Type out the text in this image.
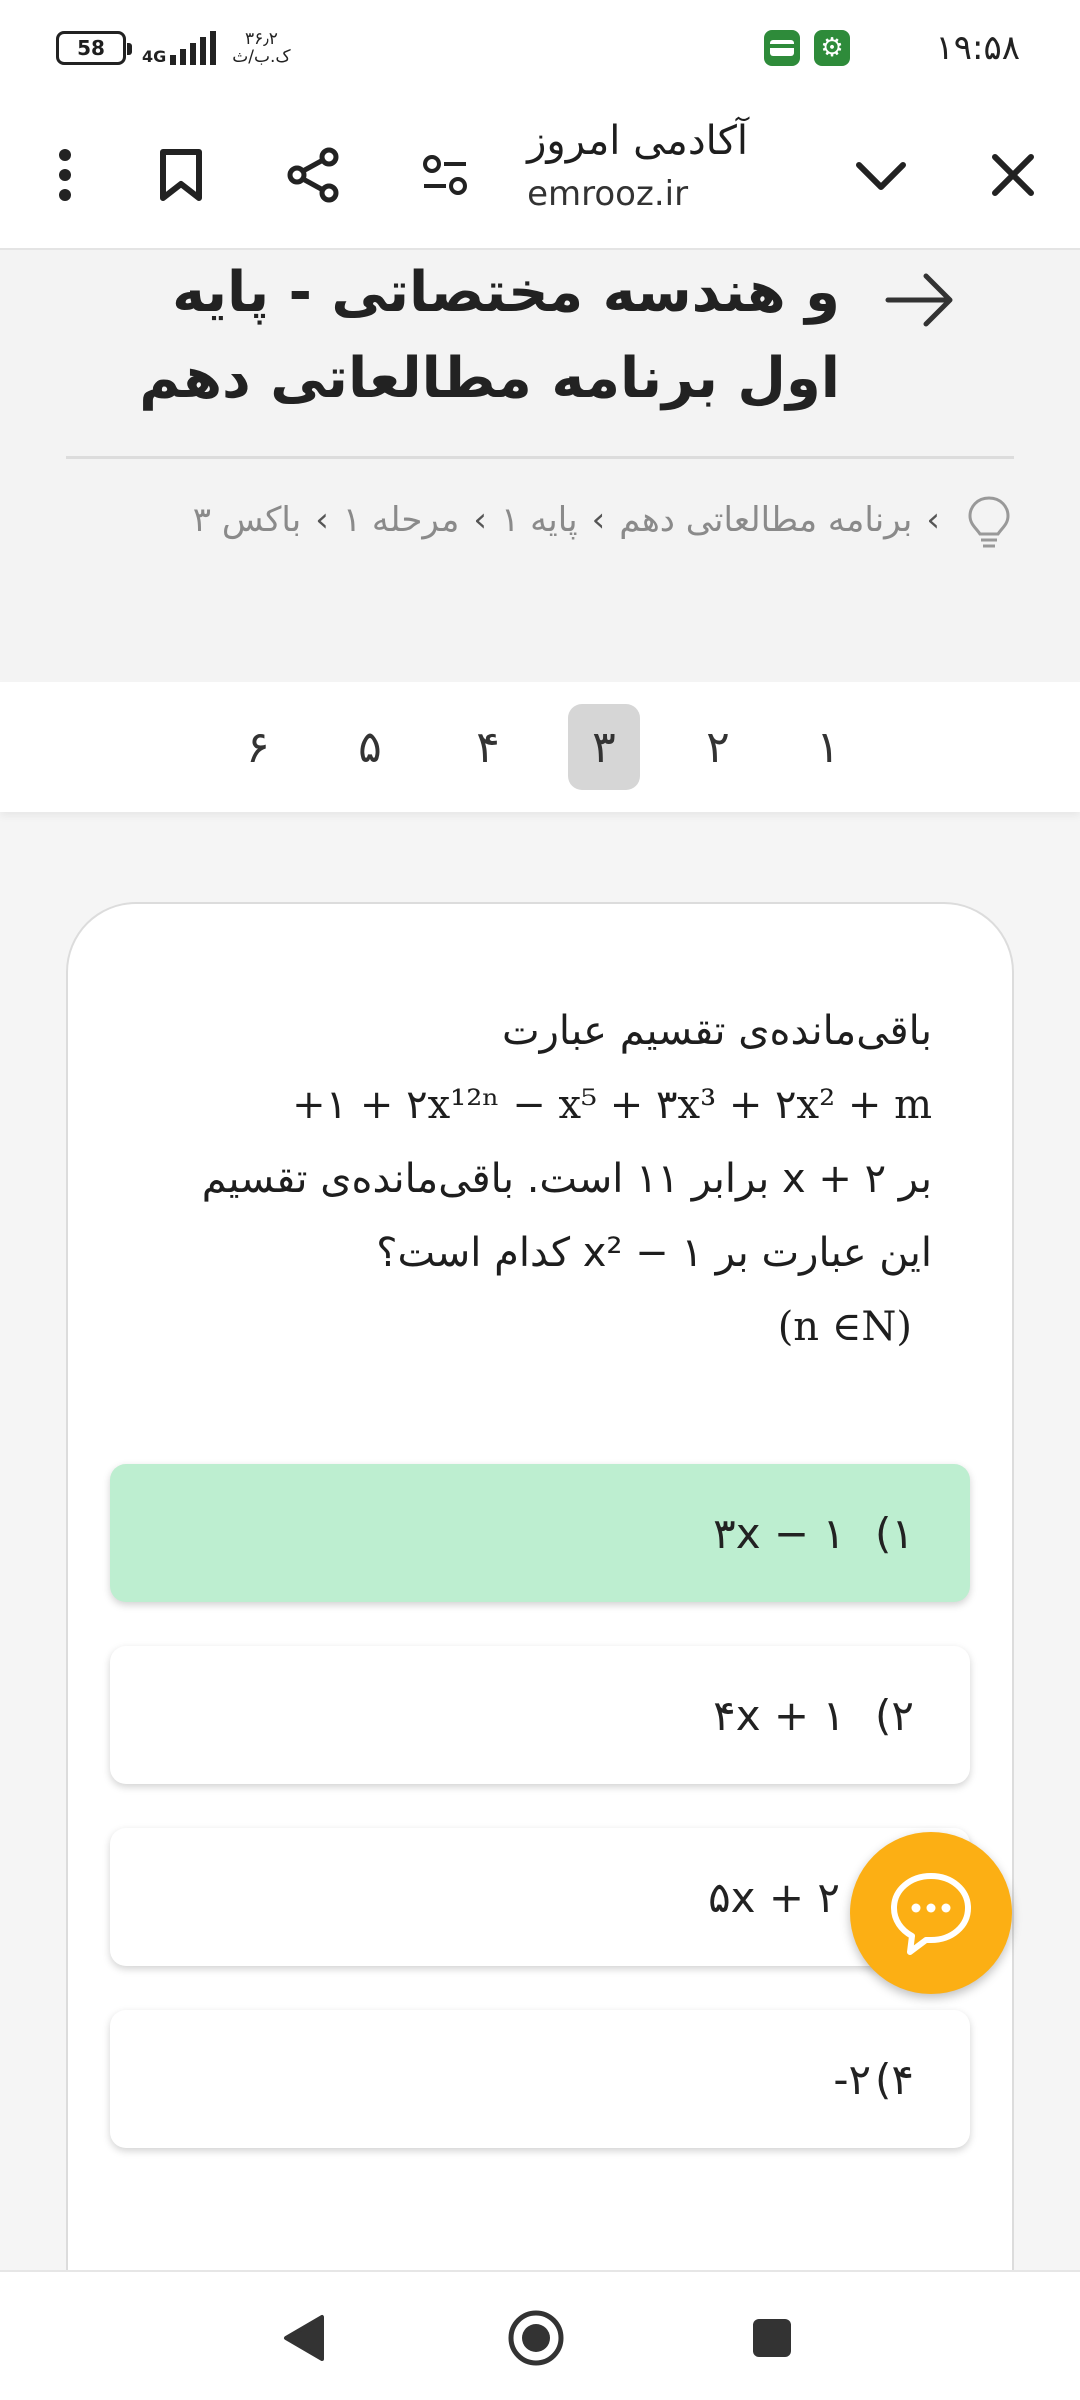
58 4G
۳۶٫۲
ک.ب/ث	⚙	۱۹:۵۸
آکادمی امروز
emrooz.ir
و هندسه مختصاتی - پایه
اول برنامه مطالعاتی دهم
›برنامه مطالعاتی دهم›پایه ۱›مرحله ۱›باکس ۳
۱
۲
۳
۴
۵
۶
باقی‌مانده‌ی تقسیم عبارت
+۱ + ۲x¹²ⁿ − x⁵ + ۳x³ + ۲x² + m
بر x + ۲ برابر ۱۱ است. باقی‌مانده‌ی تقسیم
این عبارت بر x² − ۱ کدام است؟
(n ∈N)
۳x − ۱ (۱
۴x + ۱ (۲
۵x + ۲
-۲ (۴
